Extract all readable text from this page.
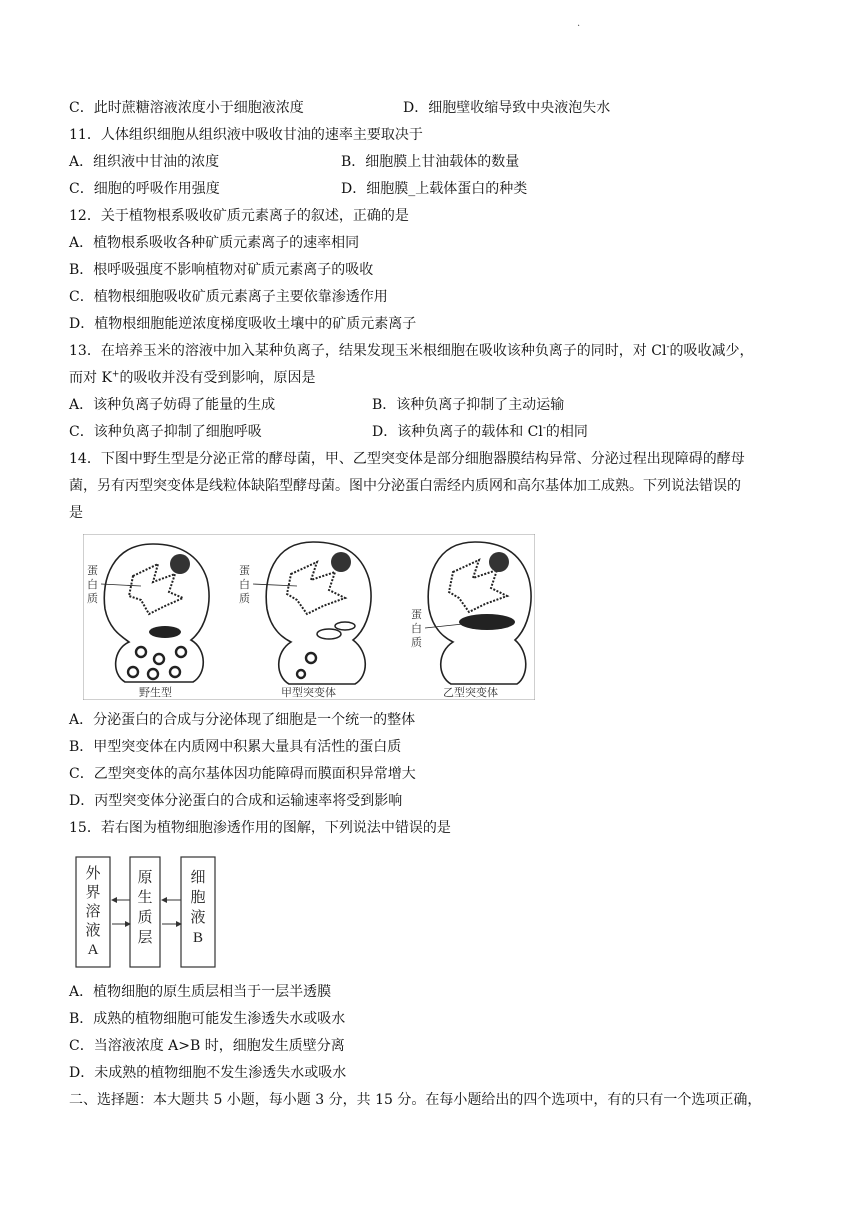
.
C．此时蔗糖溶液浓度小于细胞液浓度	D．细胞壁收缩导致中央液泡失水
11．人体组织细胞从组织液中吸收甘油的速率主要取决于
A．组织液中甘油的浓度	B．细胞膜上甘油载体的数量
C．细胞的呼吸作用强度	D．细胞膜_上载体蛋白的种类
12．关于植物根系吸收矿质元素离子的叙述，正确的是
A．植物根系吸收各种矿质元素离子的速率相同
B．根呼吸强度不影响植物对矿质元素离子的吸收
C．植物根细胞吸收矿质元素离子主要依靠渗透作用
D．植物根细胞能逆浓度梯度吸收土壤中的矿质元素离子
13．在培养玉米的溶液中加入某种负离子，结果发现玉米根细胞在吸收该种负离子的同时，对 Cl-的吸收减少，
而对 K+的吸收并没有受到影响，原因是
A．该种负离子妨碍了能量的生成	B．该种负离子抑制了主动运输
C．该种负离子抑制了细胞呼吸	D．该种负离子的载体和 Cl-的相同
14．下图中野生型是分泌正常的酵母菌，甲、乙型突变体是部分细胞器膜结构异常、分泌过程出现障碍的酵母
菌，另有丙型突变体是线粒体缺陷型酵母菌。图中分泌蛋白需经内质网和高尔基体加工成熟。下列说法错误的
是
蛋
白
质
蛋
白
质
蛋
白
质
野生型	甲型突变体	乙型突变体
A．分泌蛋白的合成与分泌体现了细胞是一个统一的整体
B．甲型突变体在内质网中积累大量具有活性的蛋白质
C．乙型突变体的高尔基体因功能障碍而膜面积异常增大
D．丙型突变体分泌蛋白的合成和运输速率将受到影响
15．若右图为植物细胞渗透作用的图解，下列说法中错误的是
外
界
溶
液
A
原
生
质
层
细
胞
液
B
A．植物细胞的原生质层相当于一层半透膜
B．成熟的植物细胞可能发生渗透失水或吸水
C．当溶液浓度 A>B 时，细胞发生质壁分离
D．未成熟的植物细胞不发生渗透失水或吸水
二、选择题：本大题共 5 小题，每小题 3 分，共 15 分。在每小题给出的四个选项中，有的只有一个选项正确，
